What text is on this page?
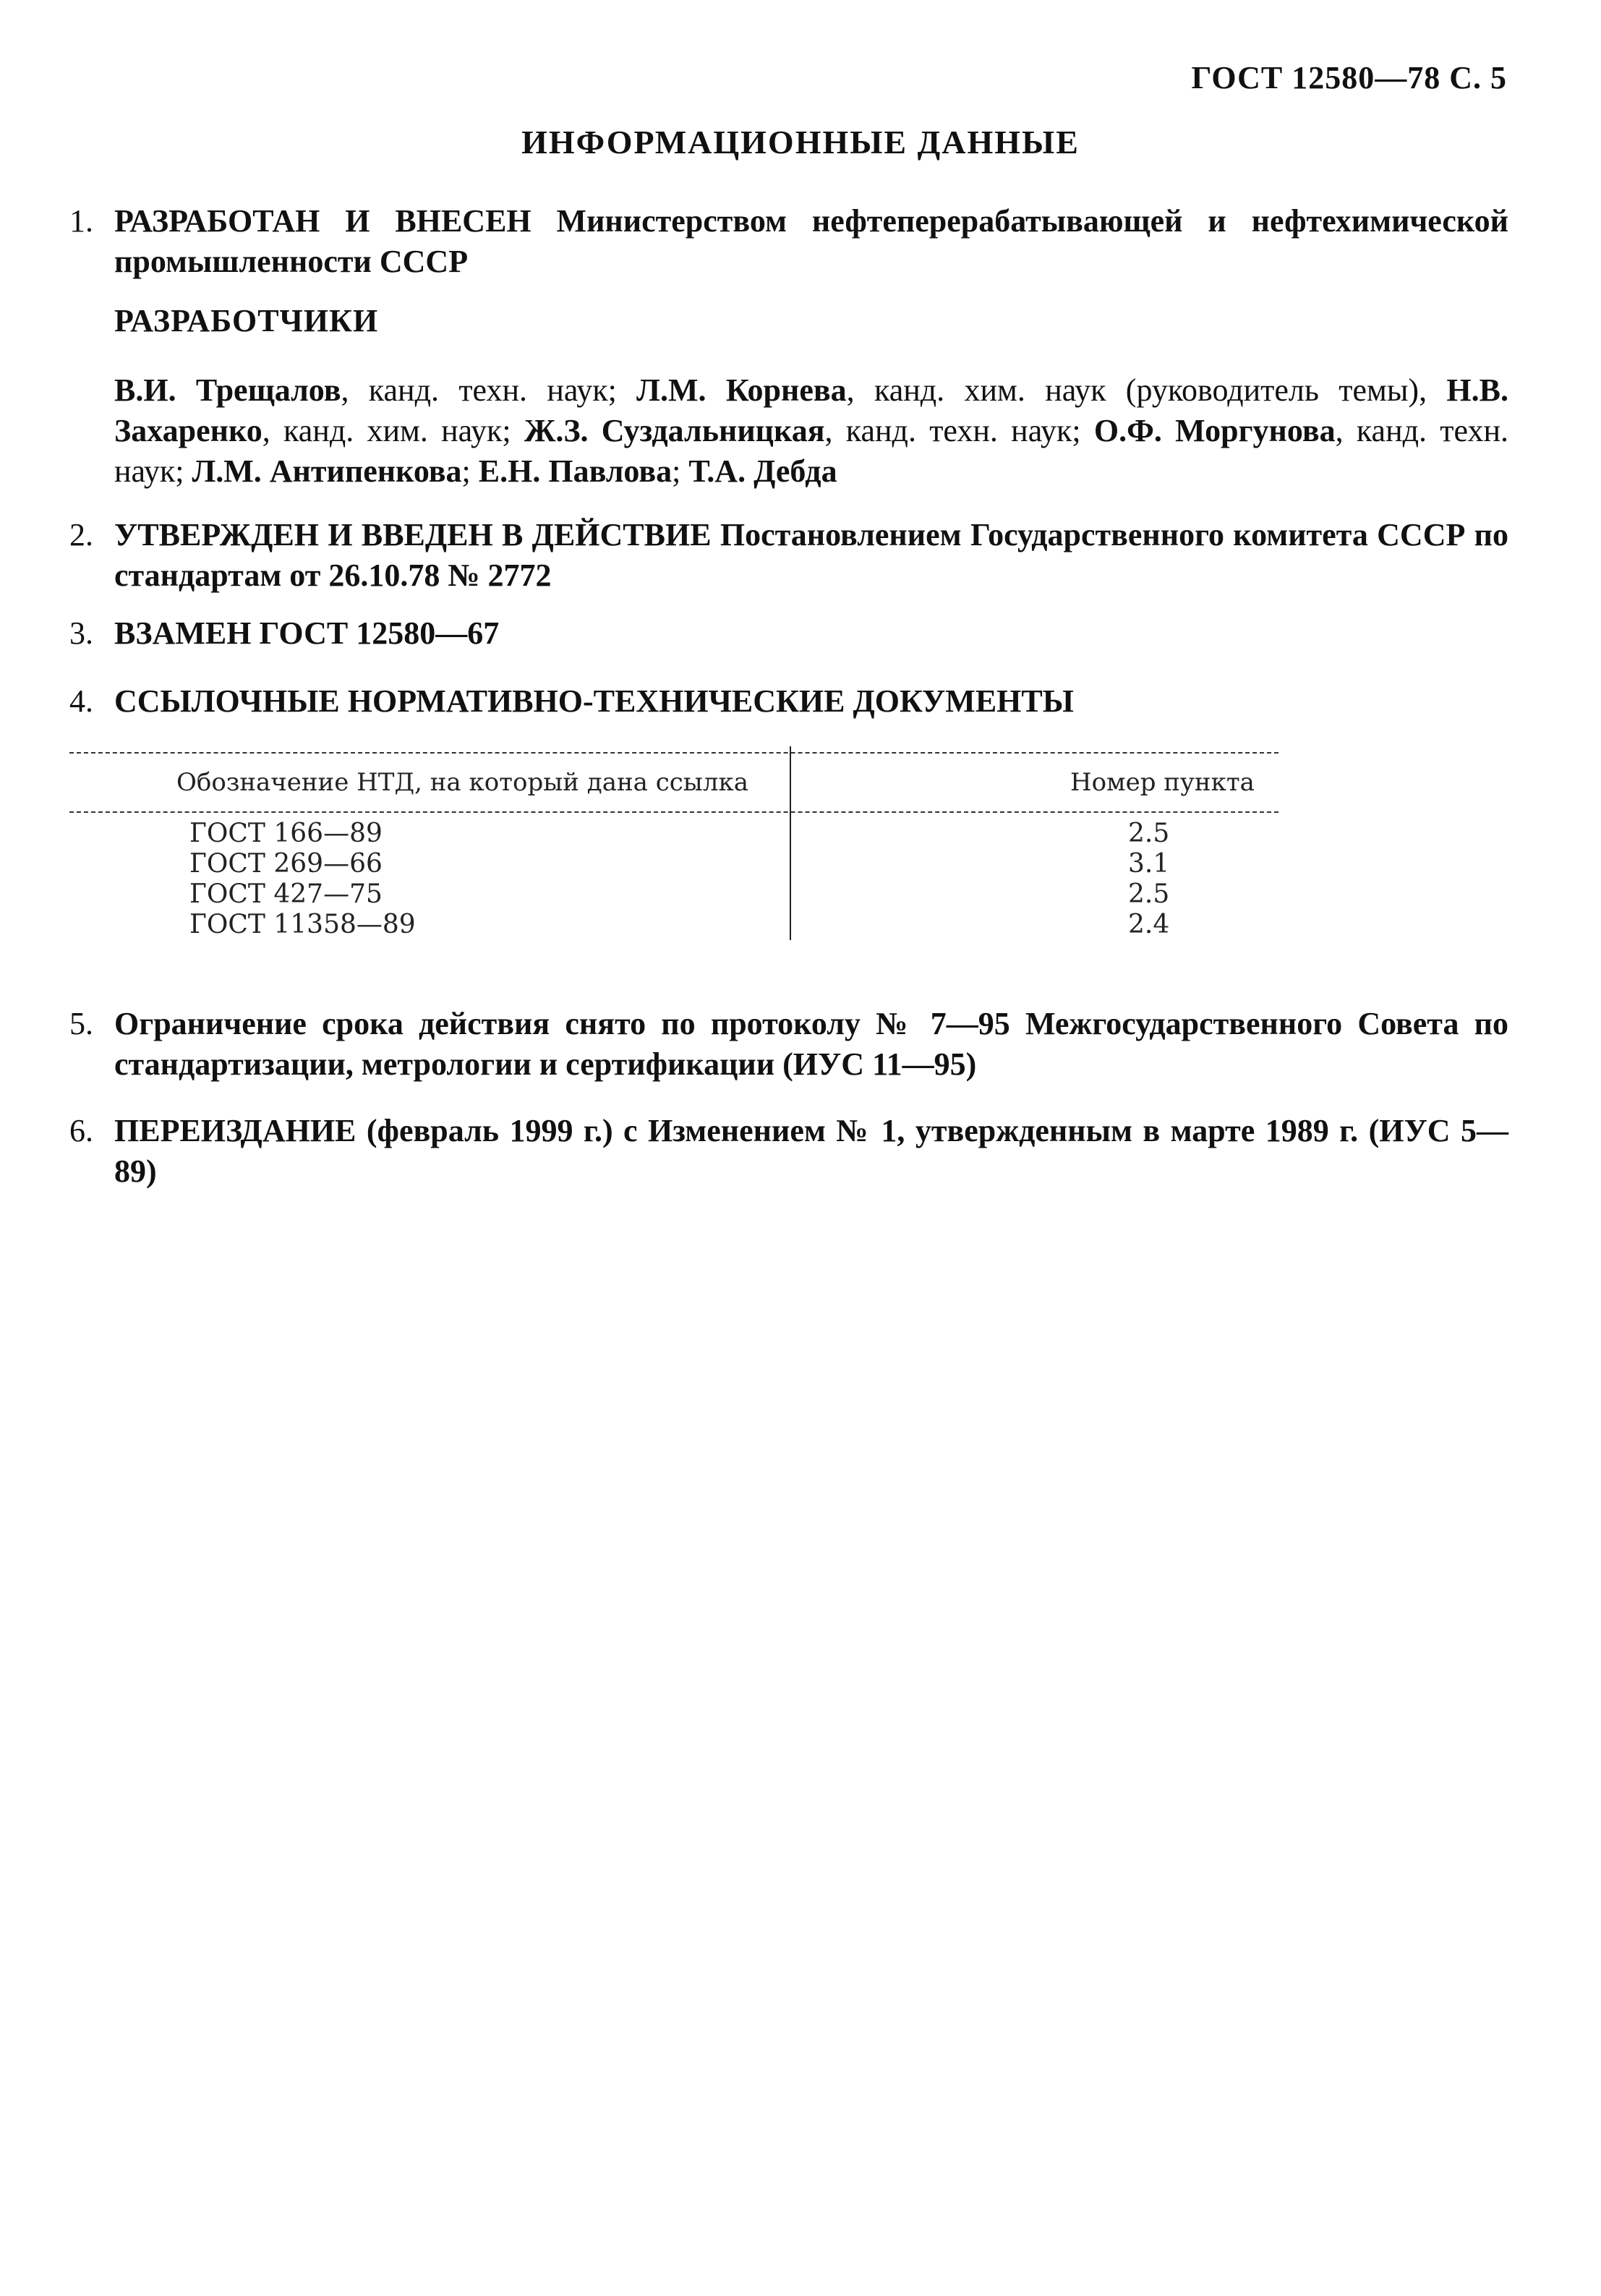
ГОСТ 12580—78 С. 5
ИНФОРМАЦИОННЫЕ ДАННЫЕ
1. РАЗРАБОТАН И ВНЕСЕН Министерством нефтеперерабатывающей и нефтехимической промышленности СССР
РАЗРАБОТЧИКИ
В.И. Трещалов, канд. техн. наук; Л.М. Корнева, канд. хим. наук (руководитель темы), Н.В. Захаренко, канд. хим. наук; Ж.З. Суздальницкая, канд. техн. наук; О.Ф. Моргунова, канд. техн. наук; Л.М. Антипенкова; Е.Н. Павлова; Т.А. Дебда
2. УТВЕРЖДЕН И ВВЕДЕН В ДЕЙСТВИЕ Постановлением Государственного комитета СССР по стандартам от 26.10.78 № 2772
3. ВЗАМЕН ГОСТ 12580—67
4. ССЫЛОЧНЫЕ НОРМАТИВНО-ТЕХНИЧЕСКИЕ ДОКУМЕНТЫ
Обозначение НТД, на который дана ссылка	Номер пункта
ГОСТ 166—89	2.5
ГОСТ 269—66	3.1
ГОСТ 427—75	2.5
ГОСТ 11358—89	2.4
5. Ограничение срока действия снято по протоколу № 7—95 Межгосударственного Совета по стандартизации, метрологии и сертификации (ИУС 11—95)
6. ПЕРЕИЗДАНИЕ (февраль 1999 г.) с Изменением № 1, утвержденным в марте 1989 г. (ИУС 5—89)
